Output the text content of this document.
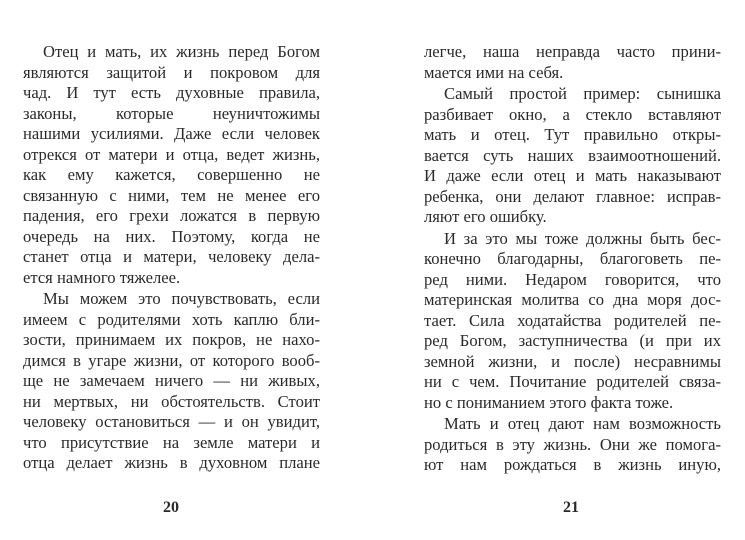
Отец и мать, их жизнь перед Богом
являются защитой и покровом для
чад. И тут есть духовные правила,
законы, которые неуничтожимы
нашими усилиями. Даже если человек
отрекся от матери и отца, ведет жизнь,
как ему кажется, совершенно не
связанную с ними, тем не менее его
падения, его грехи ложатся в первую
очередь на них. Поэтому, когда не
станет отца и матери, человеку дела-
ется намного тяжелее.
Мы можем это почувствовать, если
имеем с родителями хоть каплю бли-
зости, принимаем их покров, не нахо-
димся в угаре жизни, от которого вооб-
ще не замечаем ничего — ни живых,
ни мертвых, ни обстоятельств. Стоит
человеку остановиться — и он увидит,
что присутствие на земле матери и
отца делает жизнь в духовном плане
легче, наша неправда часто прини-
мается ими на себя.
Самый простой пример: сынишка
разбивает окно, а стекло вставляют
мать и отец. Тут правильно откры-
вается суть наших взаимоотношений.
И даже если отец и мать наказывают
ребенка, они делают главное: исправ-
ляют его ошибку.
И за это мы тоже должны быть бес-
конечно благодарны, благоговеть пе-
ред ними. Недаром говорится, что
материнская молитва со дна моря дос-
тает. Сила ходатайства родителей пе-
ред Богом, заступничества (и при их
земной жизни, и после) несравнимы
ни с чем. Почитание родителей связа-
но с пониманием этого факта тоже.
Мать и отец дают нам возможность
родиться в эту жизнь. Они же помога-
ют нам рождаться в жизнь иную,
20	21
